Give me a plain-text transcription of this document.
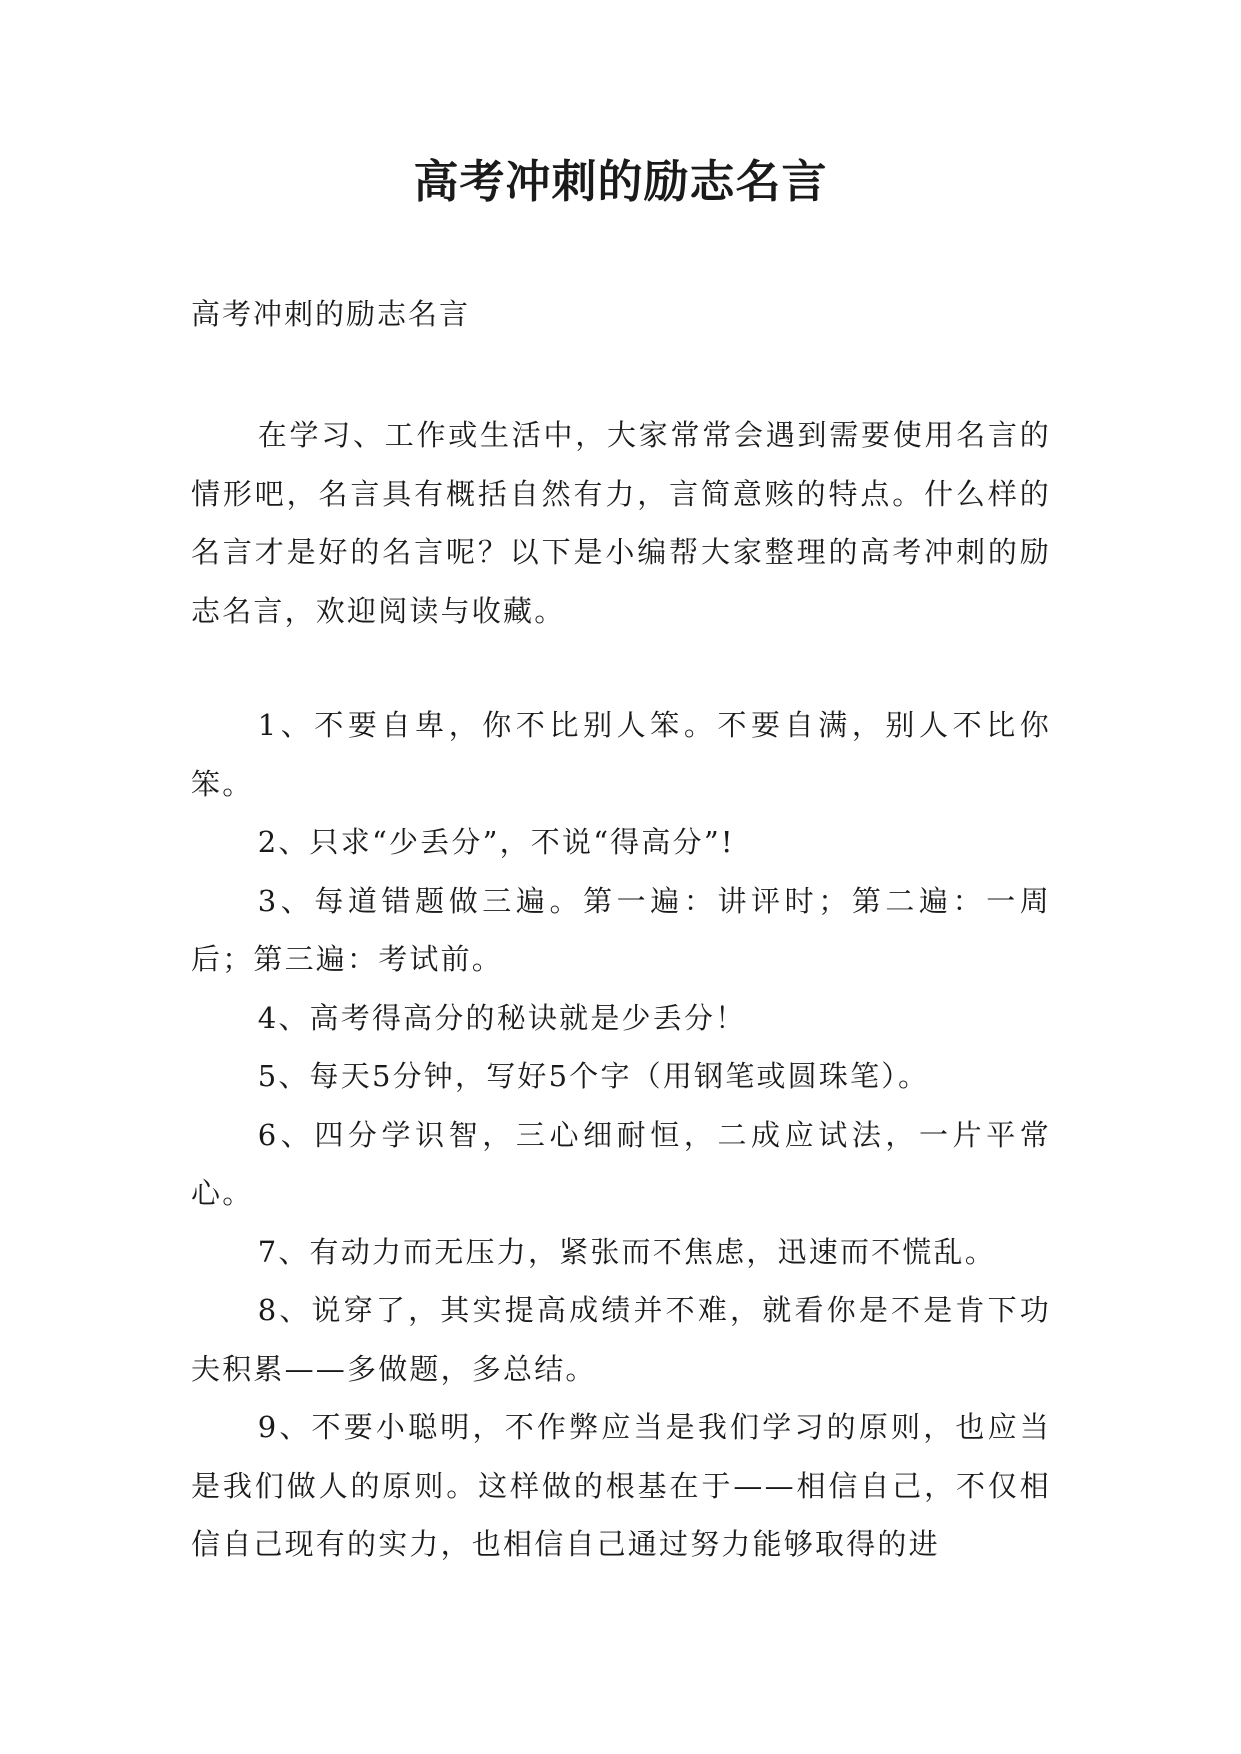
高考冲刺的励志名言

高考冲刺的励志名言

在学习、工作或生活中，大家常常会遇到需要使用名言的情形吧，名言具有概括自然有力，言简意赅的特点。什么样的名言才是好的名言呢？以下是小编帮大家整理的高考冲刺的励志名言，欢迎阅读与收藏。

1、不要自卑，你不比别人笨。不要自满，别人不比你笨。

2、只求“少丢分”，不说“得高分”!

3、每道错题做三遍。第一遍：讲评时；第二遍：一周后；第三遍：考试前。

4、高考得高分的秘诀就是少丢分！

5、每天5分钟，写好5个字（用钢笔或圆珠笔）。

6、四分学识智，三心细耐恒，二成应试法，一片平常心。

7、有动力而无压力，紧张而不焦虑，迅速而不慌乱。

8、说穿了，其实提高成绩并不难，就看你是不是肯下功夫积累——多做题，多总结。

9、不要小聪明，不作弊应当是我们学习的原则，也应当是我们做人的原则。这样做的根基在于——相信自己，不仅相信自己现有的实力，也相信自己通过努力能够取得的进
